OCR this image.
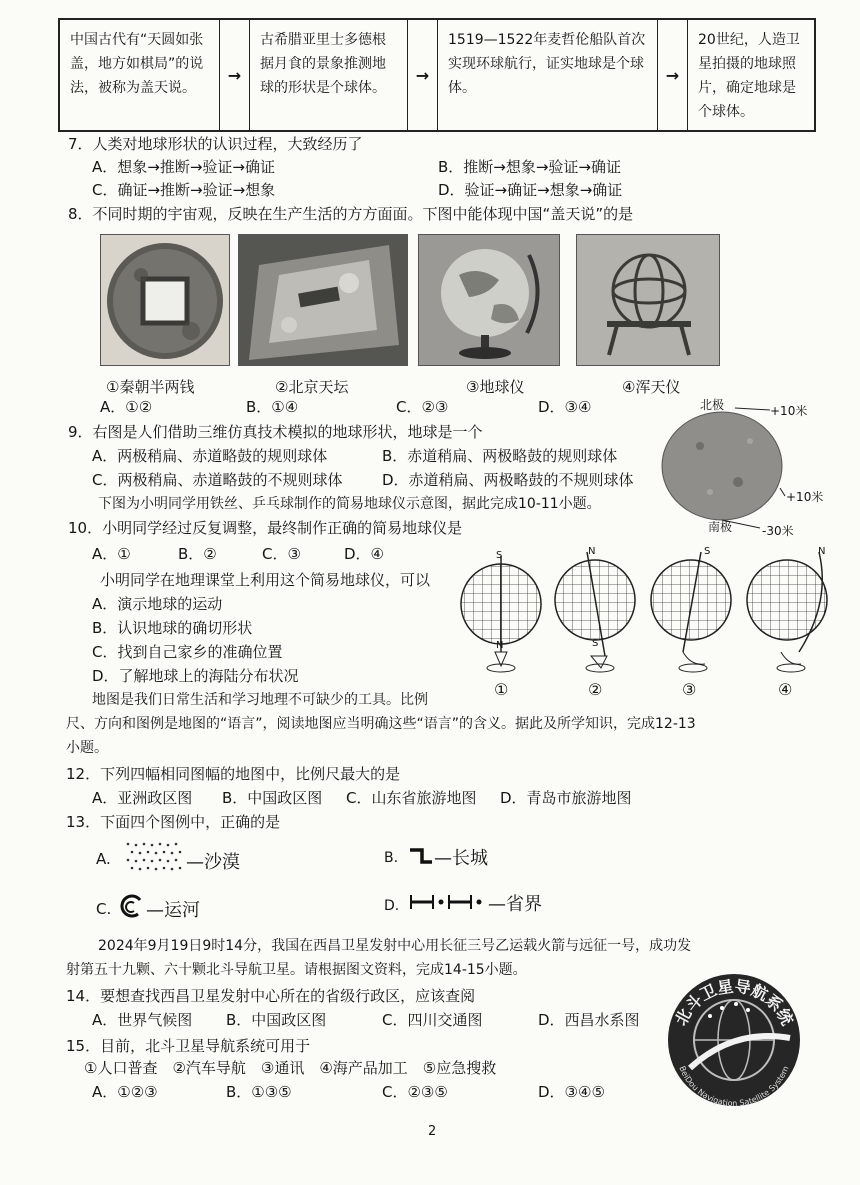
中国古代有“天圆如张盖，地方如棋局”的说法，被称为盖天说。
→
古希腊亚里士多德根据月食的景象推测地球的形状是个球体。
→
1519—1522年麦哲伦船队首次实现环球航行，证实地球是个球体。
→
20世纪，人造卫星拍摄的地球照片，确定地球是个球体。
7．人类对地球形状的认识过程，大致经历了
A．想象→推断→验证→确证	B．推断→想象→验证→确证
C．确证→推断→验证→想象	D．验证→确证→想象→确证
8．不同时期的宇宙观，反映在生产生活的方方面面。下图中能体现中国“盖天说”的是
①秦朝半两钱	②北京天坛	③地球仪	④浑天仪
A．①②	B．①④	C．②③	D．③④
9．右图是人们借助三维仿真技术模拟的地球形状，地球是一个
A．两极稍扁、赤道略鼓的规则球体	B．赤道稍扁、两极略鼓的规则球体
C．两极稍扁、赤道略鼓的不规则球体	D．赤道稍扁、两极略鼓的不规则球体
北极	+10米
+10米
南极 -30米
下图为小明同学用铁丝、乒乓球制作的简易地球仪示意图，据此完成10-11小题。
10．小明同学经过反复调整，最终制作正确的简易地球仪是
A．①	B．②	C．③	D．④
小明同学在地理课堂上利用这个简易地球仪，可以
A．演示地球的运动
B．认识地球的确切形状
C．找到自己家乡的准确位置
D．了解地球上的海陆分布状况
S
N
N
S
S	N
①	②	③	④
地图是我们日常生活和学习地理不可缺少的工具。比例
尺、方向和图例是地图的“语言”，阅读地图应当明确这些“语言”的含义。据此及所学知识，完成12-13
小题。
12．下列四幅相同图幅的地图中，比例尺最大的是
A．亚洲政区图 B．中国政区图 C．山东省旅游地图 D．青岛市旅游地图
13．下面四个图例中，正确的是
A.	—沙漠	B. —长城
C. —运河	D.	—省界
2024年9月19日9时14分，我国在西昌卫星发射中心用长征三号乙运载火箭与远征一号，成功发
射第五十九颗、六十颗北斗导航卫星。请根据图文资料，完成14-15小题。
14．要想查找西昌卫星发射中心所在的省级行政区，应该查阅
A．世界气候图 B．中国政区图	C．四川交通图	D．西昌水系图
15．目前，北斗卫星导航系统可用于
①人口普查　②汽车导航　③通讯　④海产品加工　⑤应急搜救
A．①②③	B．①③⑤	C．②③⑤	D．③④⑤
北斗卫星导航系统
BeiDou Navigation Satellite System
2
